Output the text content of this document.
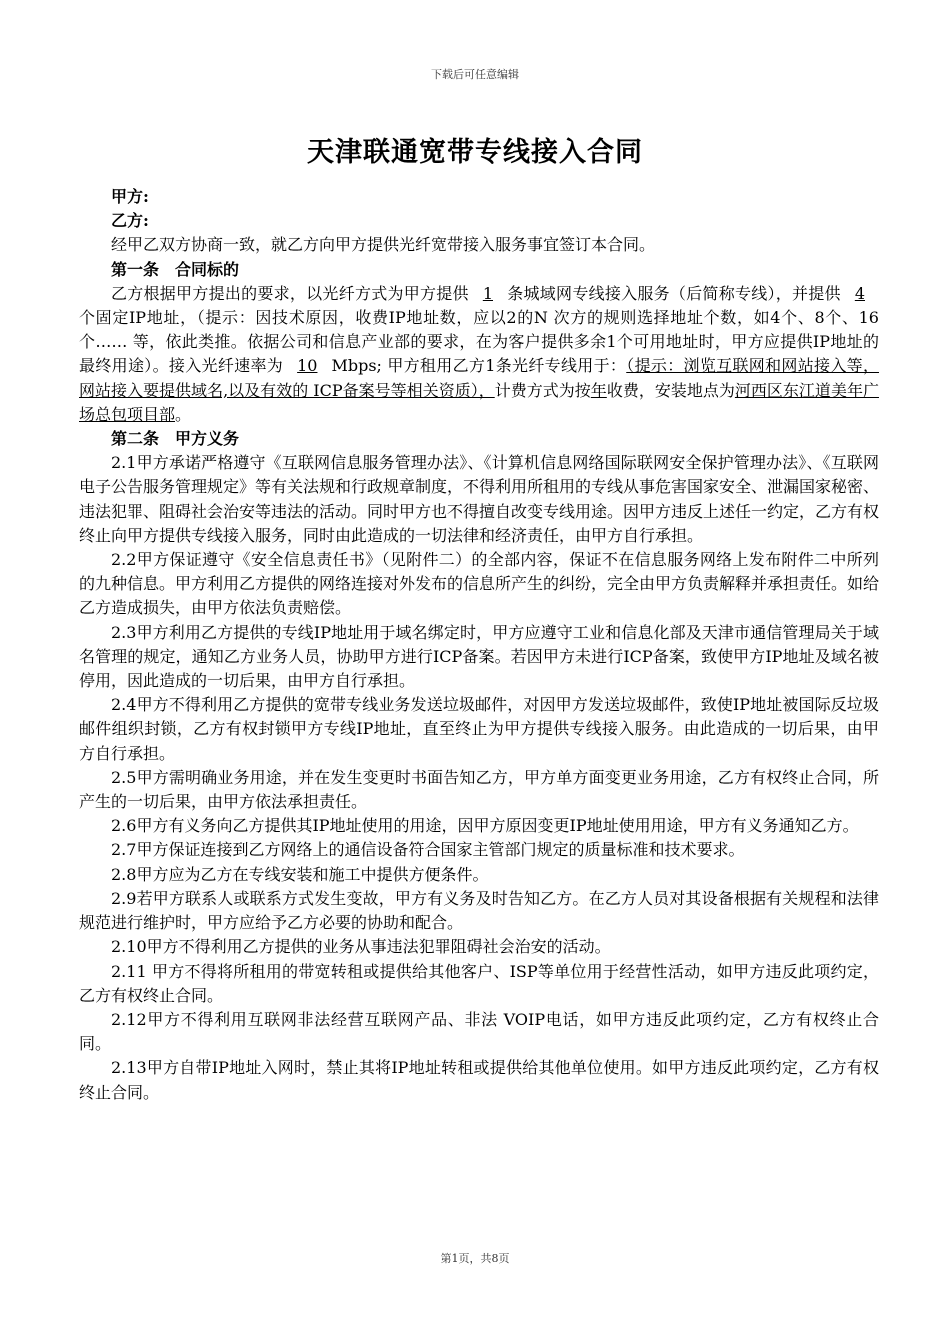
下载后可任意编辑
天津联通宽带专线接入合同

甲方:

乙方:

经甲乙双方协商一致，就乙方向甲方提供光纤宽带接入服务事宜签订本合同。

第一条　合同标的

乙方根据甲方提出的要求，以光纤方式为甲方提供 1 条城域网专线接入服务（后简称专线），并提供 4个固定IP地址，（提示：因技术原因，收费IP地址数，应以2的N 次方的规则选择地址个数，如4个、8个、16个…… 等，依此类推。依据公司和信息产业部的要求，在为客户提供多余1个可用地址时，甲方应提供IP地址的最终用途）。接入光纤速率为 10 Mbps; 甲方租用乙方1条光纤专线用于：（提示：浏览互联网和网站接入等，网站接入要提供域名,以及有效的 ICP备案号等相关资质），计费方式为按年收费，安装地点为河西区东江道美年广场总包项目部。

第二条　甲方义务

2.1甲方承诺严格遵守《互联网信息服务管理办法》、《计算机信息网络国际联网安全保护管理办法》、《互联网电子公告服务管理规定》等有关法规和行政规章制度，不得利用所租用的专线从事危害国家安全、泄漏国家秘密、违法犯罪、阻碍社会治安等违法的活动。同时甲方也不得擅自改变专线用途。因甲方违反上述任一约定，乙方有权终止向甲方提供专线接入服务，同时由此造成的一切法律和经济责任，由甲方自行承担。

2.2甲方保证遵守《安全信息责任书》（见附件二）的全部内容，保证不在信息服务网络上发布附件二中所列的九种信息。甲方利用乙方提供的网络连接对外发布的信息所产生的纠纷，完全由甲方负责解释并承担责任。如给乙方造成损失，由甲方依法负责赔偿。

2.3甲方利用乙方提供的专线IP地址用于域名绑定时，甲方应遵守工业和信息化部及天津市通信管理局关于域名管理的规定，通知乙方业务人员，协助甲方进行ICP备案。若因甲方未进行ICP备案，致使甲方IP地址及域名被停用，因此造成的一切后果，由甲方自行承担。

2.4甲方不得利用乙方提供的宽带专线业务发送垃圾邮件，对因甲方发送垃圾邮件，致使IP地址被国际反垃圾邮件组织封锁，乙方有权封锁甲方专线IP地址，直至终止为甲方提供专线接入服务。由此造成的一切后果，由甲方自行承担。

2.5甲方需明确业务用途，并在发生变更时书面告知乙方，甲方单方面变更业务用途，乙方有权终止合同，所产生的一切后果，由甲方依法承担责任。

2.6甲方有义务向乙方提供其IP地址使用的用途，因甲方原因变更IP地址使用用途，甲方有义务通知乙方。

2.7甲方保证连接到乙方网络上的通信设备符合国家主管部门规定的质量标准和技术要求。

2.8甲方应为乙方在专线安装和施工中提供方便条件。

2.9若甲方联系人或联系方式发生变故，甲方有义务及时告知乙方。在乙方人员对其设备根据有关规程和法律规范进行维护时，甲方应给予乙方必要的协助和配合。

2.10甲方不得利用乙方提供的业务从事违法犯罪阻碍社会治安的活动。

2.11 甲方不得将所租用的带宽转租或提供给其他客户、ISP等单位用于经营性活动，如甲方违反此项约定，乙方有权终止合同。

2.12甲方不得利用互联网非法经营互联网产品、非法 VOIP电话，如甲方违反此项约定，乙方有权终止合同。

2.13甲方自带IP地址入网时，禁止其将IP地址转租或提供给其他单位使用。如甲方违反此项约定，乙方有权终止合同。

第1页，共8页
